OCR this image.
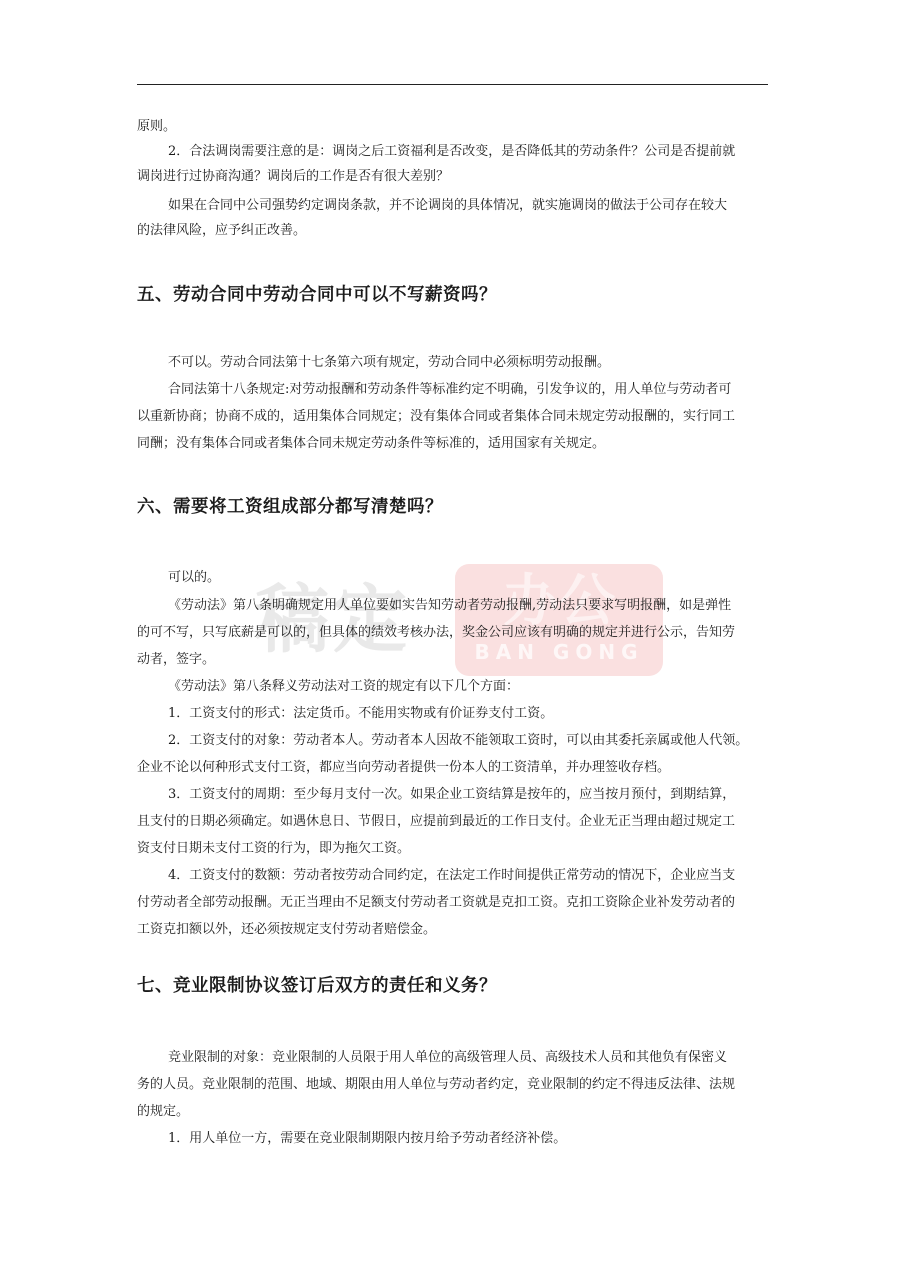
原则。

2．合法调岗需要注意的是：调岗之后工资福利是否改变，是否降低其的劳动条件？公司是否提前就

调岗进行过协商沟通？调岗后的工作是否有很大差别？

如果在合同中公司强势约定调岗条款，并不论调岗的具体情况，就实施调岗的做法于公司存在较大

的法律风险，应予纠正改善。

五、劳动合同中劳动合同中可以不写薪资吗？

不可以。劳动合同法第十七条第六项有规定，劳动合同中必须标明劳动报酬。

合同法第十八条规定:对劳动报酬和劳动条件等标准约定不明确，引发争议的，用人单位与劳动者可

以重新协商；协商不成的，适用集体合同规定；没有集体合同或者集体合同未规定劳动报酬的，实行同工

同酬；没有集体合同或者集体合同未规定劳动条件等标准的，适用国家有关规定。

六、需要将工资组成部分都写清楚吗？
稿定	办公
BAN GONG

可以的。

《劳动法》第八条明确规定用人单位要如实告知劳动者劳动报酬,劳动法只要求写明报酬，如是弹性

的可不写，只写底薪是可以的，但具体的绩效考核办法，奖金公司应该有明确的规定并进行公示，告知劳

动者，签字。

《劳动法》第八条释义劳动法对工资的规定有以下几个方面：

1．工资支付的形式：法定货币。不能用实物或有价证券支付工资。

2．工资支付的对象：劳动者本人。劳动者本人因故不能领取工资时，可以由其委托亲属或他人代领。

企业不论以何种形式支付工资，都应当向劳动者提供一份本人的工资清单，并办理签收存档。

3．工资支付的周期：至少每月支付一次。如果企业工资结算是按年的，应当按月预付，到期结算，

且支付的日期必须确定。如遇休息日、节假日，应提前到最近的工作日支付。企业无正当理由超过规定工

资支付日期未支付工资的行为，即为拖欠工资。

4．工资支付的数额：劳动者按劳动合同约定，在法定工作时间提供正常劳动的情况下，企业应当支

付劳动者全部劳动报酬。无正当理由不足额支付劳动者工资就是克扣工资。克扣工资除企业补发劳动者的

工资克扣额以外，还必须按规定支付劳动者赔偿金。

七、竞业限制协议签订后双方的责任和义务？

竞业限制的对象：竞业限制的人员限于用人单位的高级管理人员、高级技术人员和其他负有保密义

务的人员。竞业限制的范围、地域、期限由用人单位与劳动者约定，竞业限制的约定不得违反法律、法规

的规定。

1．用人单位一方，需要在竞业限制期限内按月给予劳动者经济补偿。
